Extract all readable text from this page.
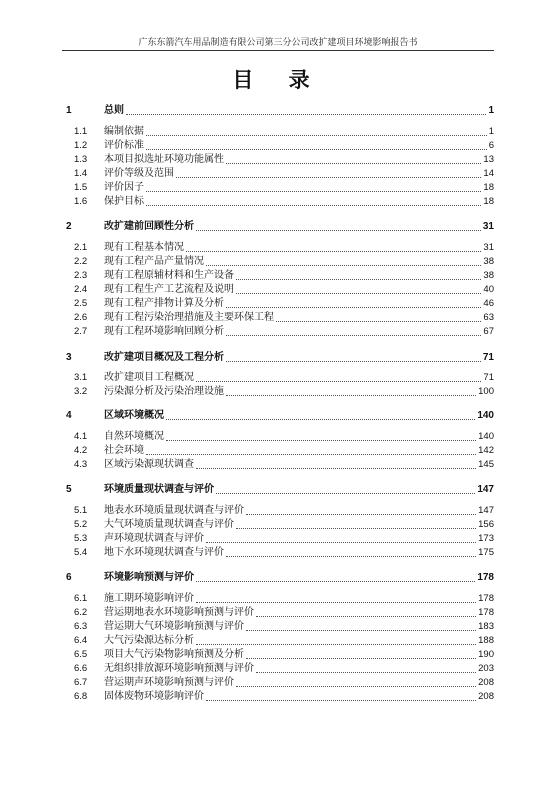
广东东箭汽车用品制造有限公司第三分公司改扩建项目环境影响报告书
目 录
1	总则	1
1.1 编制依据	1
1.2 评价标准	6
1.3 本项目拟选址环境功能属性	13
1.4 评价等级及范围	14
1.5 评价因子	18
1.6 保护目标	18
2	改扩建前回顾性分析	31
2.1 现有工程基本情况	31
2.2 现有工程产品产量情况	38
2.3 现有工程原辅材料和生产设备	38
2.4 现有工程生产工艺流程及说明	40
2.5 现有工程产排物计算及分析	46
2.6 现有工程污染治理措施及主要环保工程	63
2.7 现有工程环境影响回顾分析	67
3	改扩建项目概况及工程分析	71
3.1 改扩建项目工程概况	71
3.2 污染源分析及污染治理设施	100
4	区域环境概况	140
4.1 自然环境概况	140
4.2 社会环境	142
4.3 区域污染源现状调查	145
5	环境质量现状调查与评价	147
5.1 地表水环境质量现状调查与评价	147
5.2 大气环境质量现状调查与评价	156
5.3 声环境现状调查与评价	173
5.4 地下水环境现状调查与评价	175
6	环境影响预测与评价	178
6.1 施工期环境影响评价	178
6.2 营运期地表水环境影响预测与评价	178
6.3 营运期大气环境影响预测与评价	183
6.4 大气污染源达标分析	188
6.5 项目大气污染物影响预测及分析	190
6.6 无组织排放源环境影响预测与评价	203
6.7 营运期声环境影响预测与评价	208
6.8 固体废物环境影响评价	208
